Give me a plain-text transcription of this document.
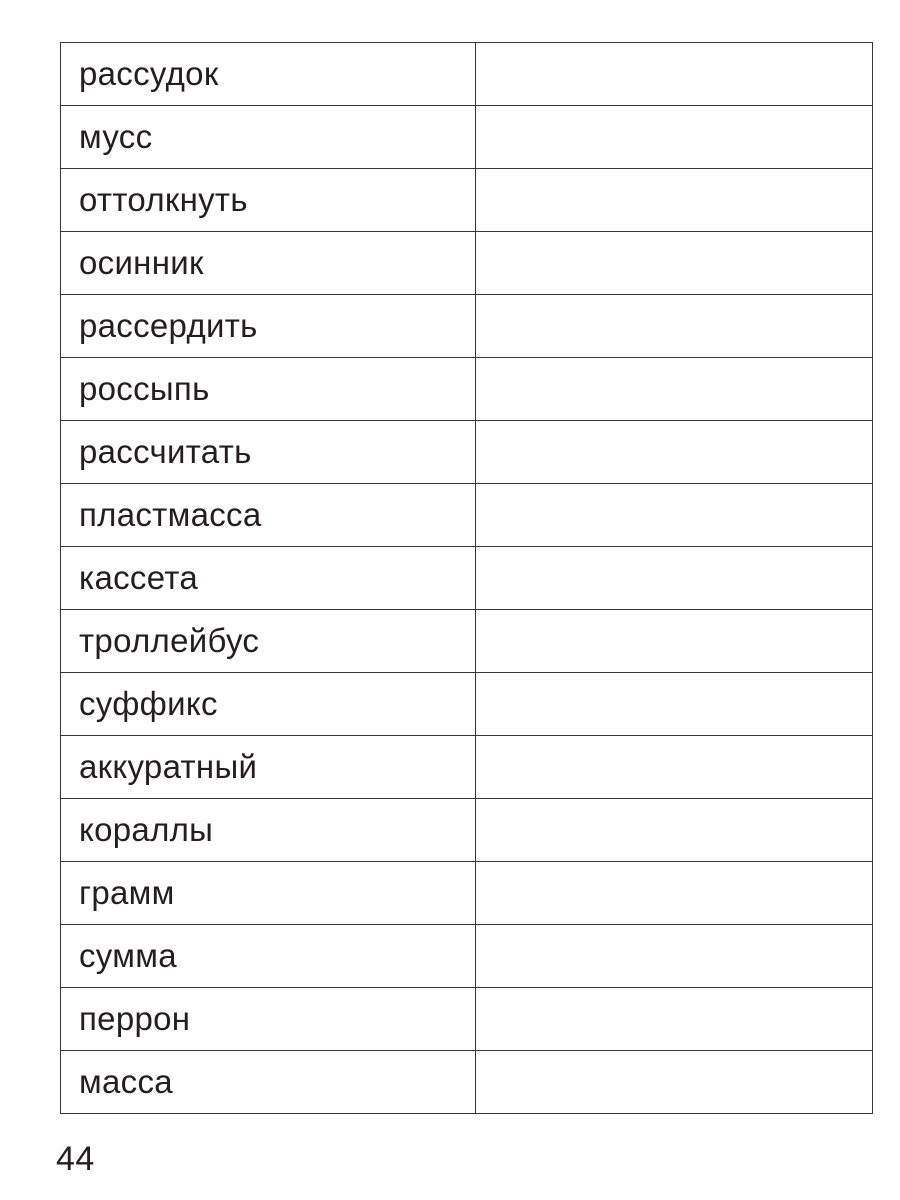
рассудок	
мусс	
оттолкнуть	
осинник	
рассердить	
россыпь	
рассчитать	
пластмасса	
кассета	
троллейбус	
суффикс	
аккуратный	
кораллы	
грамм	
сумма	
перрон	
масса	
44
